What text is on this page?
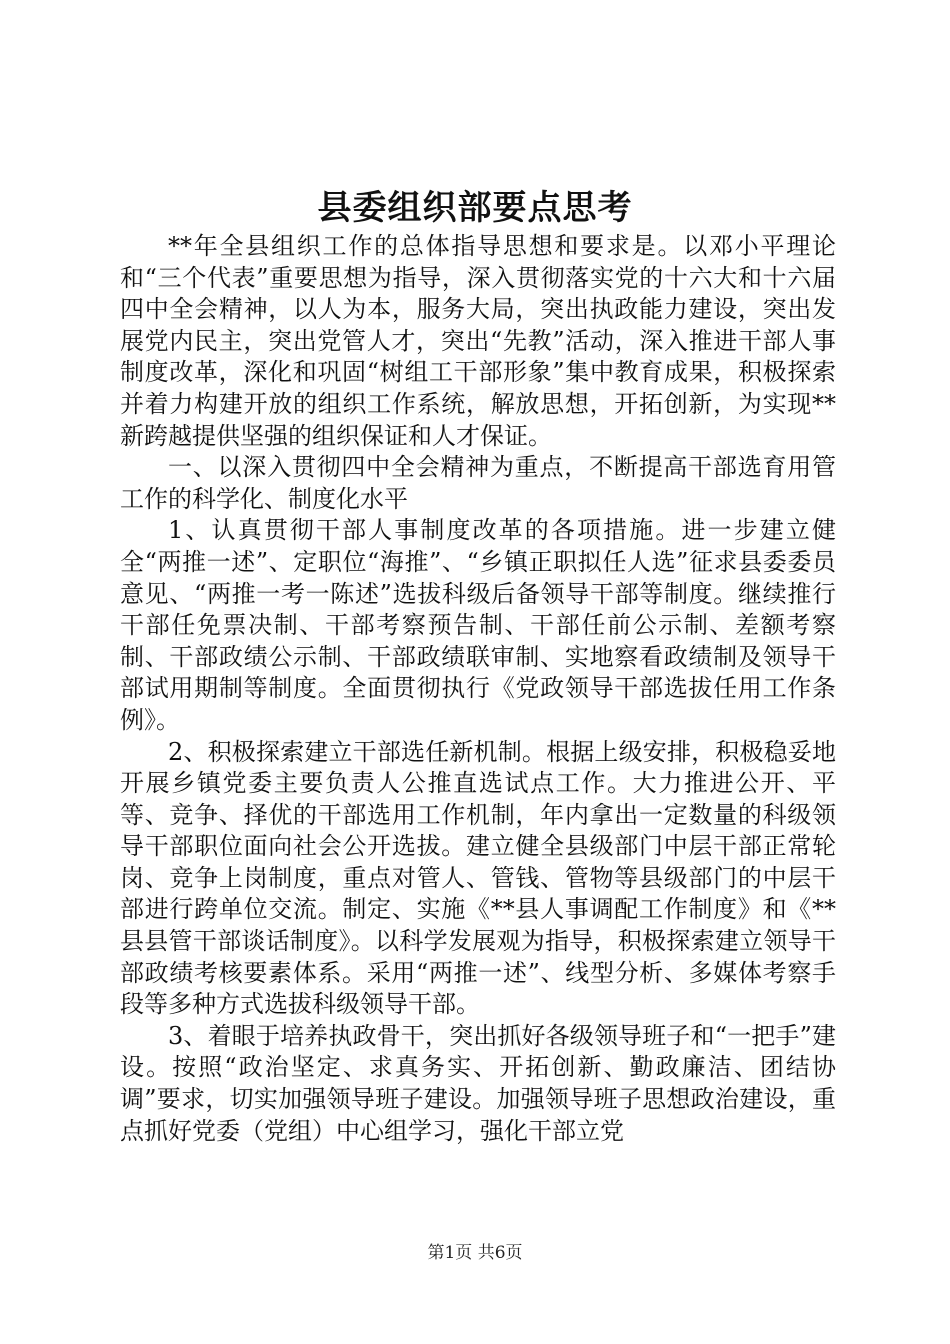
县委组织部要点思考

**年全县组织工作的总体指导思想和要求是。以邓小平理论和“三个代表”重要思想为指导，深入贯彻落实党的十六大和十六届四中全会精神，以人为本，服务大局，突出执政能力建设，突出发展党内民主，突出党管人才，突出“先教”活动，深入推进干部人事制度改革，深化和巩固“树组工干部形象”集中教育成果，积极探索并着力构建开放的组织工作系统，解放思想，开拓创新，为实现**新跨越提供坚强的组织保证和人才保证。

一、以深入贯彻四中全会精神为重点，不断提高干部选育用管工作的科学化、制度化水平

1、认真贯彻干部人事制度改革的各项措施。进一步建立健全“两推一述”、定职位“海推”、“乡镇正职拟任人选”征求县委委员意见、“两推一考一陈述”选拔科级后备领导干部等制度。继续推行干部任免票决制、干部考察预告制、干部任前公示制、差额考察制、干部政绩公示制、干部政绩联审制、实地察看政绩制及领导干部试用期制等制度。全面贯彻执行《党政领导干部选拔任用工作条例》。

2、积极探索建立干部选任新机制。根据上级安排，积极稳妥地开展乡镇党委主要负责人公推直选试点工作。大力推进公开、平等、竞争、择优的干部选用工作机制，年内拿出一定数量的科级领导干部职位面向社会公开选拔。建立健全县级部门中层干部正常轮岗、竞争上岗制度，重点对管人、管钱、管物等县级部门的中层干部进行跨单位交流。制定、实施《**县人事调配工作制度》和《**县县管干部谈话制度》。以科学发展观为指导，积极探索建立领导干部政绩考核要素体系。采用“两推一述”、线型分析、多媒体考察手段等多种方式选拔科级领导干部。

3、着眼于培养执政骨干，突出抓好各级领导班子和“一把手”建设。按照“政治坚定、求真务实、开拓创新、勤政廉洁、团结协调”要求，切实加强领导班子建设。加强领导班子思想政治建设，重点抓好党委（党组）中心组学习，强化干部立党

第1页 共6页
